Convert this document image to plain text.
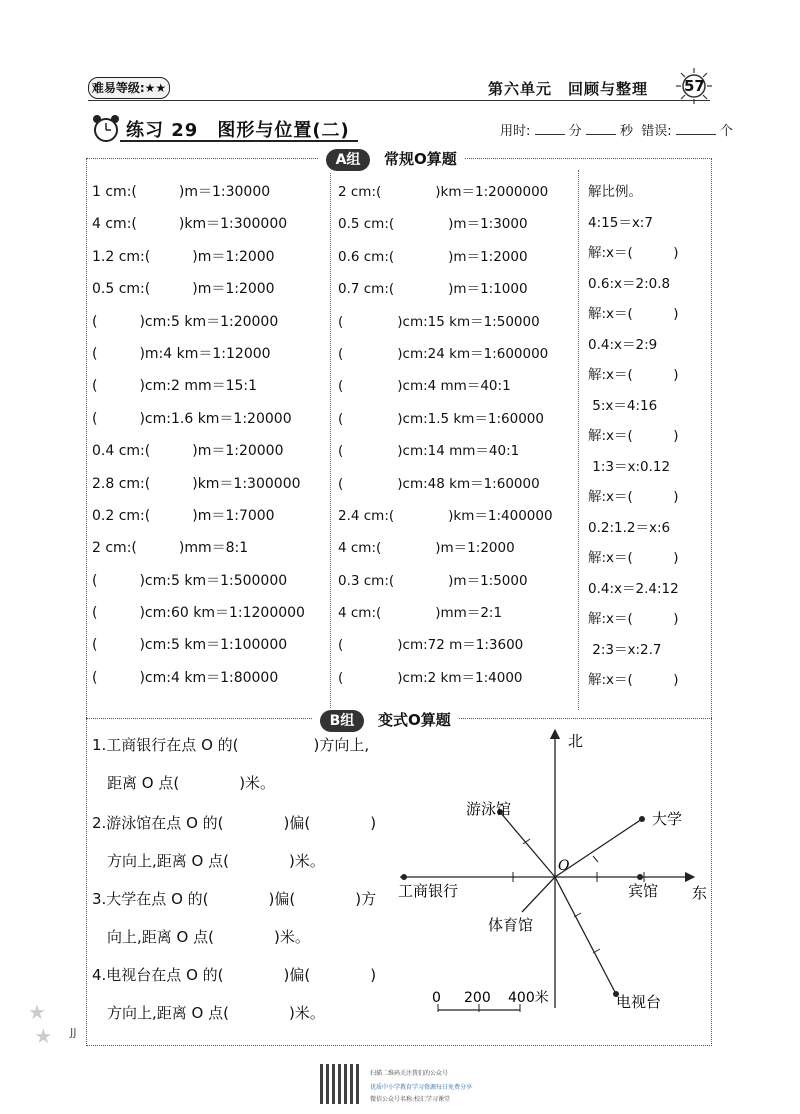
难易等级:★★	第六单元　回顾与整理 57
练习 29　图形与位置(二)	用时:	分	秒 错误:	个
A组 常规O算题
1 cm:(　　　)m＝1:30000
4 cm:(　　　)km＝1:300000
1.2 cm:(　　　)m＝1:2000
0.5 cm:(　　　)m＝1:2000
(　　　)cm:5 km＝1:20000
(　　　)m:4 km＝1:12000
(　　　)cm:2 mm＝15:1
(　　　)cm:1.6 km＝1:20000
0.4 cm:(　　　)m＝1:20000
2.8 cm:(　　　)km＝1:300000
0.2 cm:(　　　)m＝1:7000
2 cm:(　　　)mm＝8:1
(　　　)cm:5 km＝1:500000
(　　　)cm:60 km＝1:1200000
(　　　)cm:5 km＝1:100000
(　　　)cm:4 km＝1:80000
2 cm:(　　　　)km＝1:2000000
0.5 cm:(　　　　)m＝1:3000
0.6 cm:(　　　　)m＝1:2000
0.7 cm:(　　　　)m＝1:1000
(　　　　)cm:15 km＝1:50000
(　　　　)cm:24 km＝1:600000
(　　　　)cm:4 mm＝40:1
(　　　　)cm:1.5 km＝1:60000
(　　　　)cm:14 mm＝40:1
(　　　　)cm:48 km＝1:60000
2.4 cm:(　　　　)km＝1:400000
4 cm:(　　　　)m＝1:2000
0.3 cm:(　　　　)m＝1:5000
4 cm:(　　　　)mm＝2:1
(　　　　)cm:72 m＝1:3600
(　　　　)cm:2 km＝1:4000
解比例。
4:15＝x:7
解:x＝(　　　)
0.6:x＝2:0.8
解:x＝(　　　)
0.4:x＝2:9
解:x＝(　　　)
5:x＝4:16
解:x＝(　　　)
1:3＝x:0.12
解:x＝(　　　)
0.2:1.2＝x:6
解:x＝(　　　)
0.4:x＝2.4:12
解:x＝(　　　)
2:3＝x:2.7
解:x＝(　　　)
B组 变式O算题
1.工商银行在点 O 的(　　　　　)方向上,
　距离 O 点(　　　　)米。
2.游泳馆在点 O 的(　　　　)偏(　　　　)
　方向上,距离 O 点(　　　　)米。
3.大学在点 O 的(　　　　)偏(　　　　)方
　向上,距离 O 点(　　　　)米。
4.电视台在点 O 的(　　　　)偏(　　　　)
　方向上,距离 O 点(　　　　)米。
北
东
O
工商银行
游泳馆
大学
宾馆
体育馆
电视台
0 200 400米
★
★ JJ
扫描二维码关注我们的公众号
优质中小学教育学习资源每日免费分享
微信公众号名称:校汇学习课堂
